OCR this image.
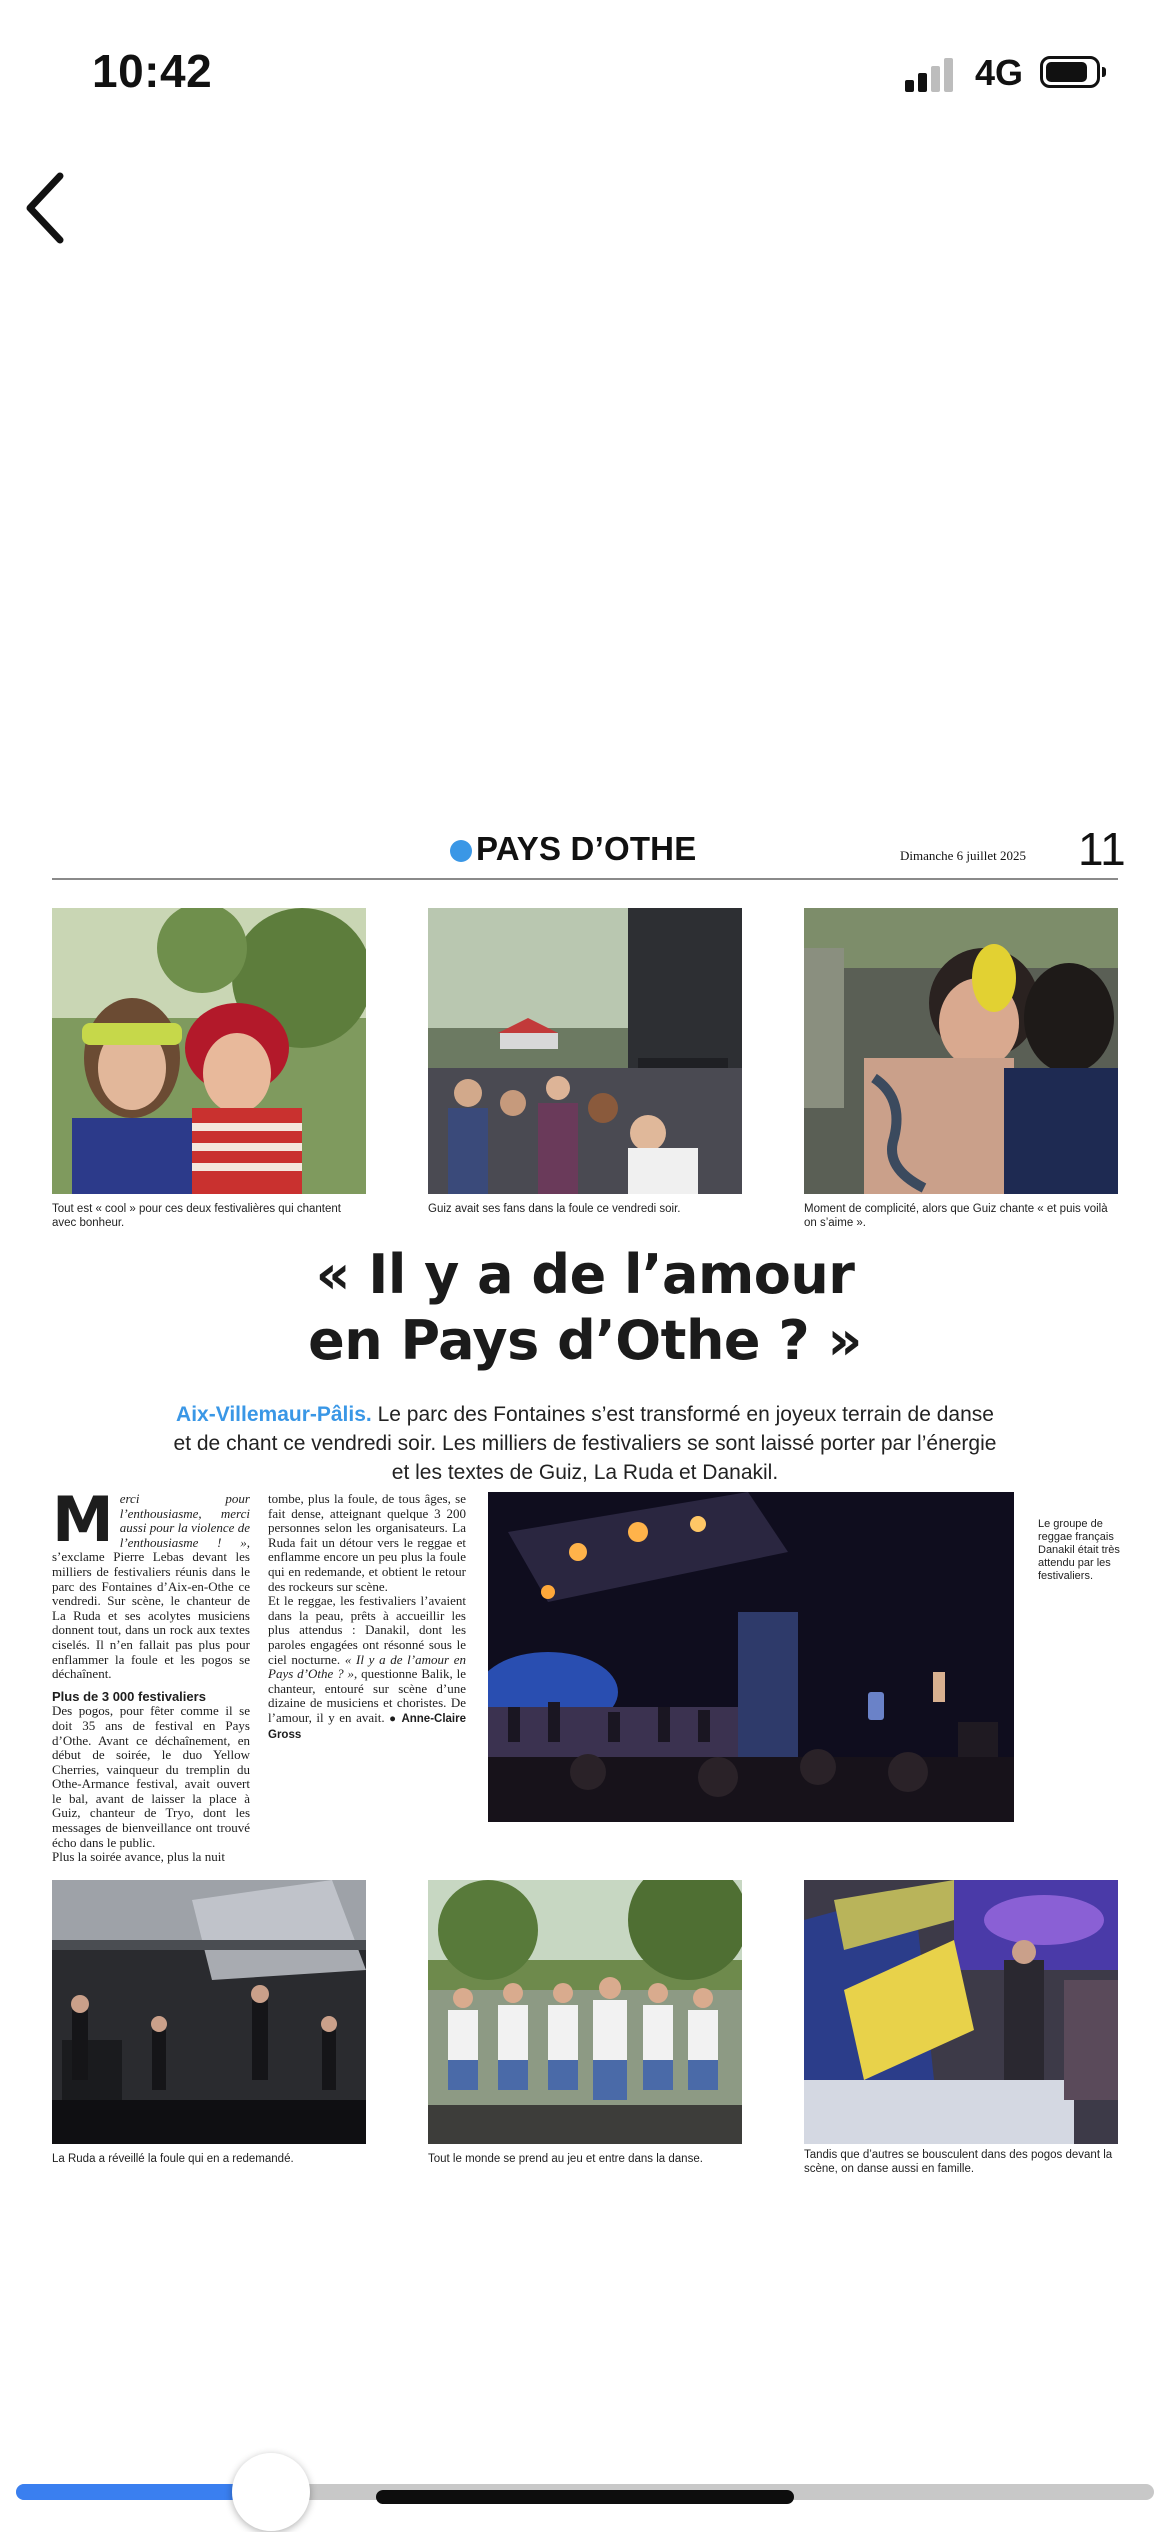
10:42	4G
PAYS D’OTHE	Dimanche 6 juillet 2025 11
Tout est « cool » pour ces deux festivalières qui chantent avec bonheur.
Guiz avait ses fans dans la foule ce vendredi soir.	Moment de complicité, alors que Guiz chante « et puis voilà on s’aime ».
« Il y a de l’amour
en Pays d’Othe ? »
Aix-Villemaur-Pâlis. Le parc des Fontaines s’est transformé en joyeux terrain de danse et de chant ce vendredi soir. Les milliers de festivaliers se sont laissé porter par l’énergie et les textes de Guiz, La Ruda et Danakil.

Merci pour l’enthousiasme, merci aussi pour la violence de l’enthousiasme ! », s’exclame Pierre Lebas devant les milliers de festivaliers réunis dans le parc des Fontaines d’Aix-en-Othe ce vendredi. Sur scène, le chanteur de La Ruda et ses acolytes musiciens donnent tout, dans un rock aux textes ciselés. Il n’en fallait pas plus pour enflammer la foule et les pogos se déchaînent.

Plus de 3 000 festivaliers

Des pogos, pour fêter comme il se doit 35 ans de festival en Pays d’Othe. Avant ce déchaînement, en début de soirée, le duo Yellow Cherries, vainqueur du tremplin du Othe-Armance festival, avait ouvert le bal, avant de laisser la place à Guiz, chanteur de Tryo, dont les messages de bienveillance ont trouvé écho dans le public.

Plus la soirée avance, plus la nuit

tombe, plus la foule, de tous âges, se fait dense, atteignant quelque 3 200 personnes selon les organisateurs. La Ruda fait un détour vers le reggae et enflamme encore un peu plus la foule qui en redemande, et obtient le retour des rockeurs sur scène.

Et le reggae, les festivaliers l’avaient dans la peau, prêts à accueillir les plus attendus : Danakil, dont les paroles engagées ont résonné sous le ciel nocturne. « Il y a de l’amour en Pays d’Othe ? », questionne Balik, le chanteur, entouré sur scène d’une dizaine de musiciens et choristes. De l’amour, il y en avait. ● Anne-Claire Gross

Le groupe de reggae français Danakil était très attendu par les festivaliers.
La Ruda a réveillé la foule qui en a redemandé.	Tout le monde se prend au jeu et entre dans la danse.	Tandis que d’autres se bousculent dans des pogos devant la scène, on danse aussi en famille.
